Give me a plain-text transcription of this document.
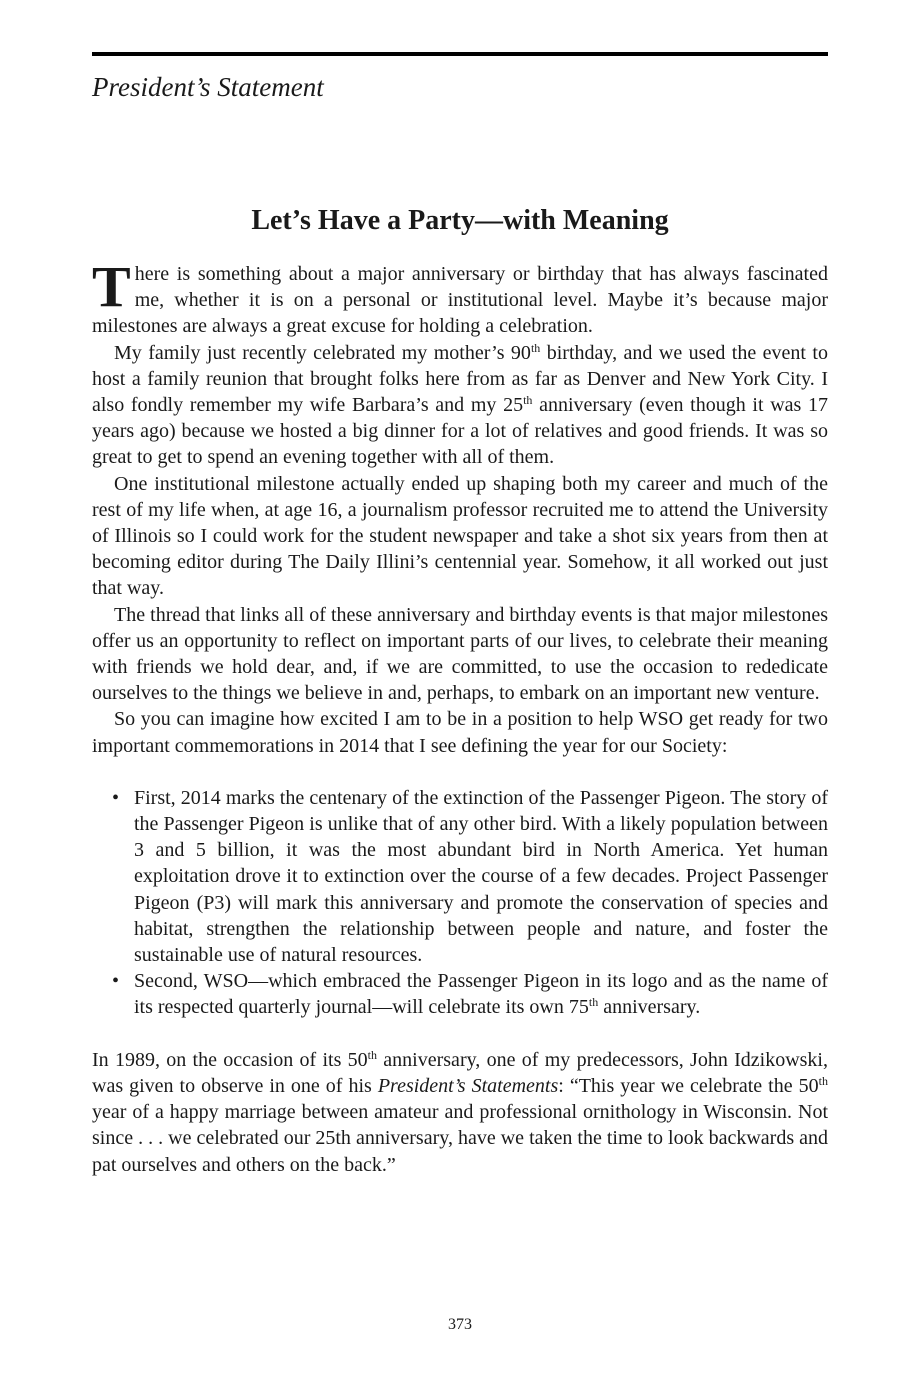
President’s Statement
Let’s Have a Party—with Meaning

There is something about a major anniversary or birthday that has always fascinated me, whether it is on a personal or institutional level. Maybe it’s because major milestones are always a great excuse for holding a celebration.

My family just recently celebrated my mother’s 90th birthday, and we used the event to host a family reunion that brought folks here from as far as Denver and New York City. I also fondly remember my wife Barbara’s and my 25th anniversary (even though it was 17 years ago) because we hosted a big dinner for a lot of relatives and good friends. It was so great to get to spend an evening together with all of them.

One institutional milestone actually ended up shaping both my career and much of the rest of my life when, at age 16, a journalism professor recruited me to attend the University of Illinois so I could work for the student newspaper and take a shot six years from then at becoming editor during The Daily Illini’s centennial year. Somehow, it all worked out just that way.

The thread that links all of these anniversary and birthday events is that major milestones offer us an opportunity to reflect on important parts of our lives, to celebrate their meaning with friends we hold dear, and, if we are committed, to use the occasion to rededicate ourselves to the things we believe in and, perhaps, to embark on an important new venture.

So you can imagine how excited I am to be in a position to help WSO get ready for two important commemorations in 2014 that I see defining the year for our Society:

• First, 2014 marks the centenary of the extinction of the Passenger Pigeon. The story of the Passenger Pigeon is unlike that of any other bird. With a likely population between 3 and 5 billion, it was the most abundant bird in North America. Yet human exploitation drove it to extinction over the course of a few decades. Project Passenger Pigeon (P3) will mark this anniversary and promote the conservation of species and habitat, strengthen the relationship between people and nature, and foster the sustainable use of natural resources.
• Second, WSO—which embraced the Passenger Pigeon in its logo and as the name of its respected quarterly journal—will celebrate its own 75th anniversary.

In 1989, on the occasion of its 50th anniversary, one of my predecessors, John Idzikowski, was given to observe in one of his President’s Statements: “This year we celebrate the 50th year of a happy marriage between amateur and professional ornithology in Wisconsin. Not since . . . we celebrated our 25th anniversary, have we taken the time to look backwards and pat ourselves and others on the back.”

373
